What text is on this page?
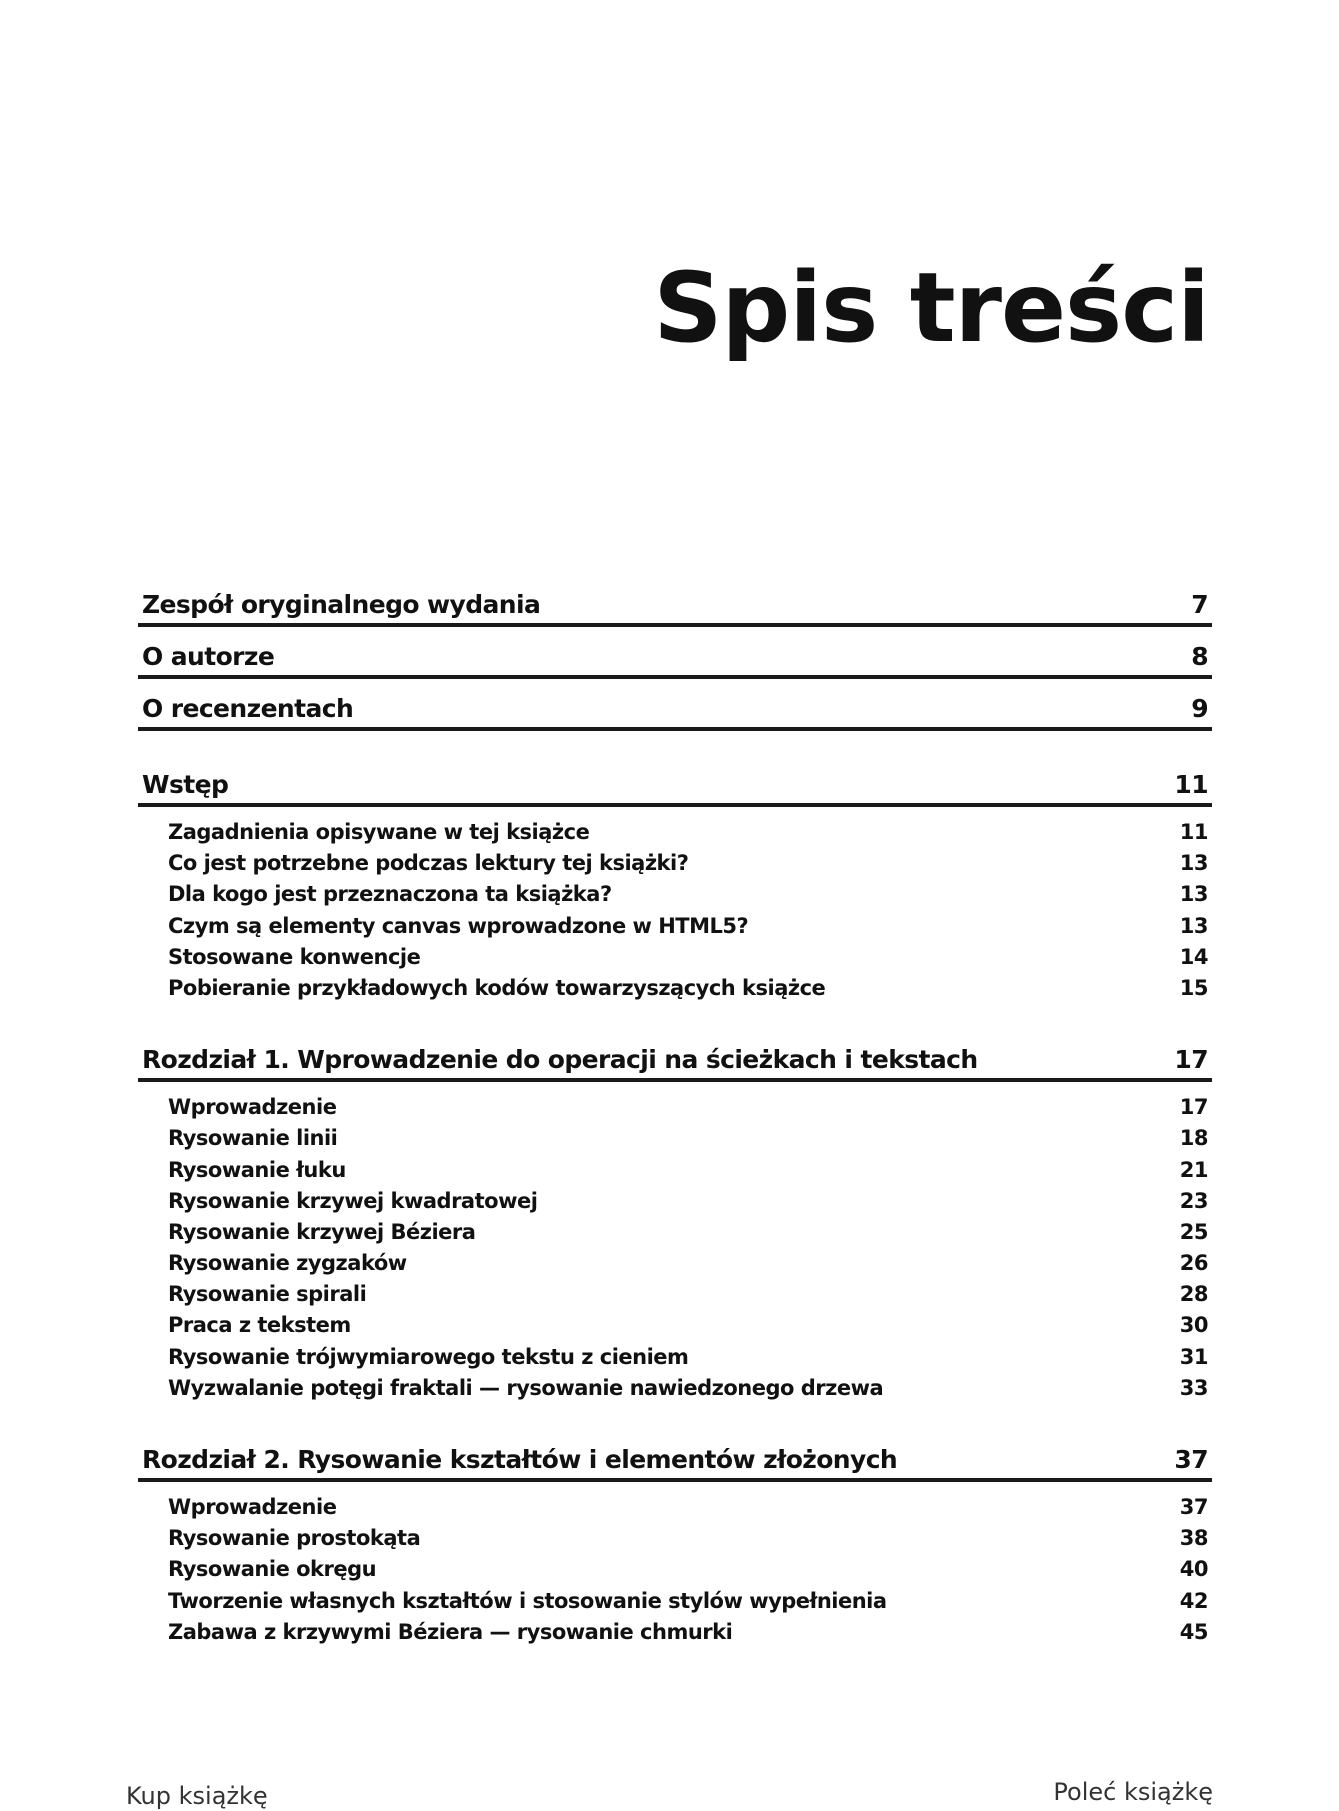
Spis treści
Zespół oryginalnego wydania	7
O autorze	8
O recenzentach	9
Wstęp	11
Zagadnienia opisywane w tej książce	11
Co jest potrzebne podczas lektury tej książki?	13
Dla kogo jest przeznaczona ta książka?	13
Czym są elementy canvas wprowadzone w HTML5?	13
Stosowane konwencje	14
Pobieranie przykładowych kodów towarzyszących książce	15
Rozdział 1. Wprowadzenie do operacji na ścieżkach i tekstach	17
Wprowadzenie	17
Rysowanie linii	18
Rysowanie łuku	21
Rysowanie krzywej kwadratowej	23
Rysowanie krzywej Béziera	25
Rysowanie zygzaków	26
Rysowanie spirali	28
Praca z tekstem	30
Rysowanie trójwymiarowego tekstu z cieniem	31
Wyzwalanie potęgi fraktali — rysowanie nawiedzonego drzewa	33
Rozdział 2. Rysowanie kształtów i elementów złożonych	37
Wprowadzenie	37
Rysowanie prostokąta	38
Rysowanie okręgu	40
Tworzenie własnych kształtów i stosowanie stylów wypełnienia	42
Zabawa z krzywymi Béziera — rysowanie chmurki	45
Kup książkę	Poleć książkę
